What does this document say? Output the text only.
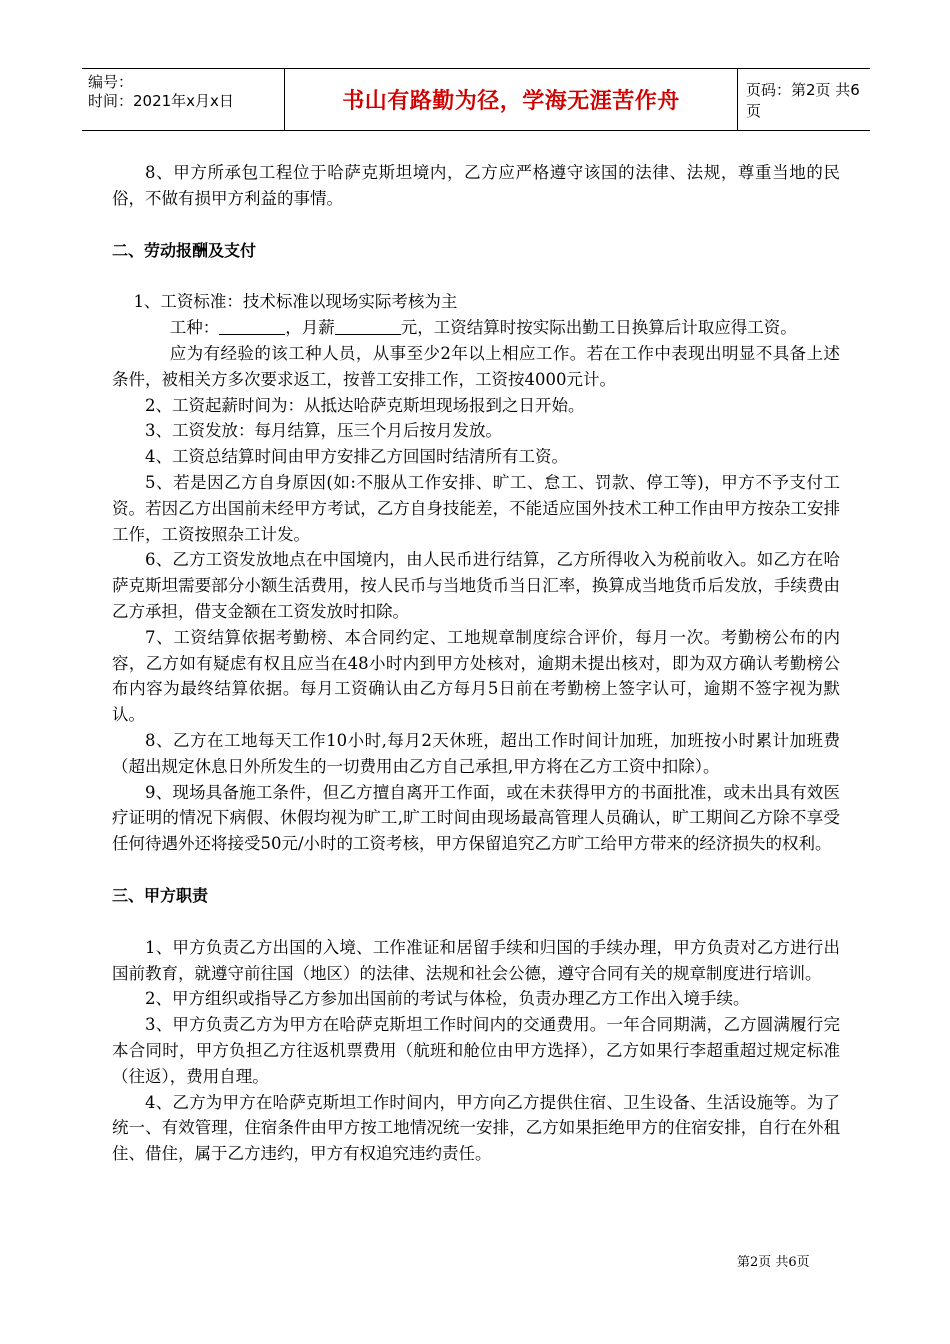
编号：
时间：2021年x月x日	书山有路勤为径，学海无涯苦作舟	页码：第2页 共6页

8、甲方所承包工程位于哈萨克斯坦境内，乙方应严格遵守该国的法律、法规，尊重当地的民俗，不做有损甲方利益的事情。

二、劳动报酬及支付

1、工资标准：技术标准以现场实际考核为主

工种：	，月薪	元，工资结算时按实际出勤工日换算后计取应得工资。

应为有经验的该工种人员，从事至少2年以上相应工作。若在工作中表现出明显不具备上述条件，被相关方多次要求返工，按普工安排工作，工资按4000元计。

2、工资起薪时间为：从抵达哈萨克斯坦现场报到之日开始。

3、工资发放：每月结算，压三个月后按月发放。

4、工资总结算时间由甲方安排乙方回国时结清所有工资。

5、若是因乙方自身原因(如:不服从工作安排、旷工、怠工、罚款、停工等)，甲方不予支付工资。若因乙方出国前未经甲方考试，乙方自身技能差，不能适应国外技术工种工作由甲方按杂工安排工作，工资按照杂工计发。

6、乙方工资发放地点在中国境内，由人民币进行结算，乙方所得收入为税前收入。如乙方在哈萨克斯坦需要部分小额生活费用，按人民币与当地货币当日汇率，换算成当地货币后发放，手续费由乙方承担，借支金额在工资发放时扣除。

7、工资结算依据考勤榜、本合同约定、工地规章制度综合评价，每月一次。考勤榜公布的内容，乙方如有疑虑有权且应当在48小时内到甲方处核对，逾期未提出核对，即为双方确认考勤榜公布内容为最终结算依据。每月工资确认由乙方每月5日前在考勤榜上签字认可，逾期不签字视为默认。

8、乙方在工地每天工作10小时,每月2天休班，超出工作时间计加班，加班按小时累计加班费（超出规定休息日外所发生的一切费用由乙方自己承担,甲方将在乙方工资中扣除）。

9、现场具备施工条件，但乙方擅自离开工作面，或在未获得甲方的书面批准，或未出具有效医疗证明的情况下病假、休假均视为旷工,旷工时间由现场最高管理人员确认，旷工期间乙方除不享受任何待遇外还将接受50元/小时的工资考核，甲方保留追究乙方旷工给甲方带来的经济损失的权利。

三、甲方职责

1、甲方负责乙方出国的入境、工作准证和居留手续和归国的手续办理，甲方负责对乙方进行出国前教育，就遵守前往国（地区）的法律、法规和社会公德，遵守合同有关的规章制度进行培训。

2、甲方组织或指导乙方参加出国前的考试与体检，负责办理乙方工作出入境手续。

3、甲方负责乙方为甲方在哈萨克斯坦工作时间内的交通费用。一年合同期满，乙方圆满履行完本合同时，甲方负担乙方往返机票费用（航班和舱位由甲方选择），乙方如果行李超重超过规定标准（往返），费用自理。

4、乙方为甲方在哈萨克斯坦工作时间内，甲方向乙方提供住宿、卫生设备、生活设施等。为了统一、有效管理，住宿条件由甲方按工地情况统一安排，乙方如果拒绝甲方的住宿安排，自行在外租住、借住，属于乙方违约，甲方有权追究违约责任。

第2页 共6页
